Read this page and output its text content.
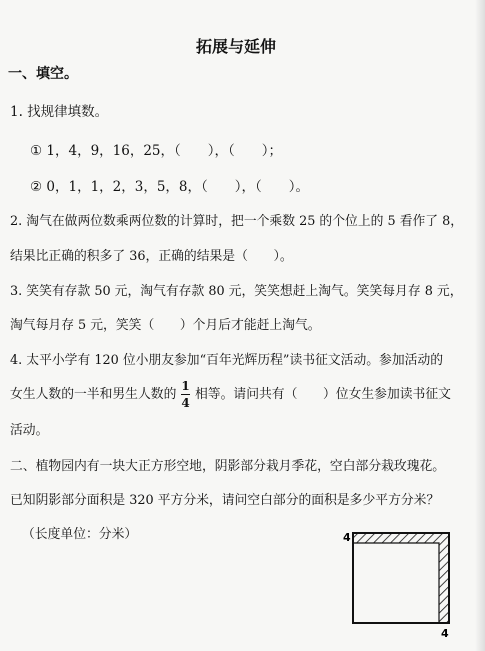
拓展与延伸
一、填空。
1. 找规律填数。
① 1，4，9，16，25，（　　），（　　）；
② 0，1，1，2，3，5，8，（　　），（　　）。
2. 淘气在做两位数乘两位数的计算时，把一个乘数 25 的个位上的 5 看作了 8，
结果比正确的积多了 36，正确的结果是（　　）。
3. 笑笑有存款 50 元，淘气有存款 80 元，笑笑想赶上淘气。笑笑每月存 8 元，
淘气每月存 5 元，笑笑（　　）个月后才能赶上淘气。
4. 太平小学有 120 位小朋友参加“百年光辉历程”读书征文活动。参加活动的
女生人数的一半和男生人数的
1
4
相等。请问共有（　　）位女生参加读书征文
活动。
二、植物园内有一块大正方形空地，阴影部分栽月季花，空白部分栽玫瑰花。
已知阴影部分面积是 320 平方分米，请问空白部分的面积是多少平方分米？
（长度单位：分米）	4
4
